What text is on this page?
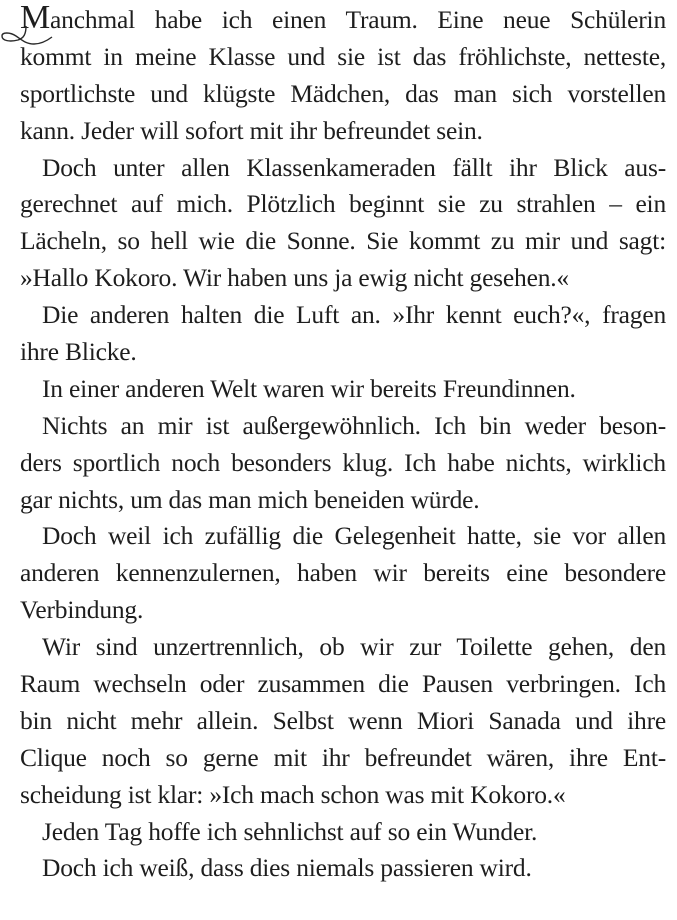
Manchmal habe ich einen Traum. Eine neue Schülerin
kommt in meine Klasse und sie ist das fröhlichste, netteste,
sportlichste und klügste Mädchen, das man sich vorstellen
kann. Jeder will sofort mit ihr befreundet sein.
Doch unter allen Klassenkameraden fällt ihr Blick aus-
gerechnet auf mich. Plötzlich beginnt sie zu strahlen – ein
Lächeln, so hell wie die Sonne. Sie kommt zu mir und sagt:
»Hallo Kokoro. Wir haben uns ja ewig nicht gesehen.«
Die anderen halten die Luft an. »Ihr kennt euch?«, fragen
ihre Blicke.
In einer anderen Welt waren wir bereits Freundinnen.
Nichts an mir ist außergewöhnlich. Ich bin weder beson-
ders sportlich noch besonders klug. Ich habe nichts, wirklich
gar nichts, um das man mich beneiden würde.
Doch weil ich zufällig die Gelegenheit hatte, sie vor allen
anderen kennenzulernen, haben wir bereits eine besondere
Verbindung.
Wir sind unzertrennlich, ob wir zur Toilette gehen, den
Raum wechseln oder zusammen die Pausen verbringen. Ich
bin nicht mehr allein. Selbst wenn Miori Sanada und ihre
Clique noch so gerne mit ihr befreundet wären, ihre Ent-
scheidung ist klar: »Ich mach schon was mit Kokoro.«
Jeden Tag hoffe ich sehnlichst auf so ein Wunder.
Doch ich weiß, dass dies niemals passieren wird.
